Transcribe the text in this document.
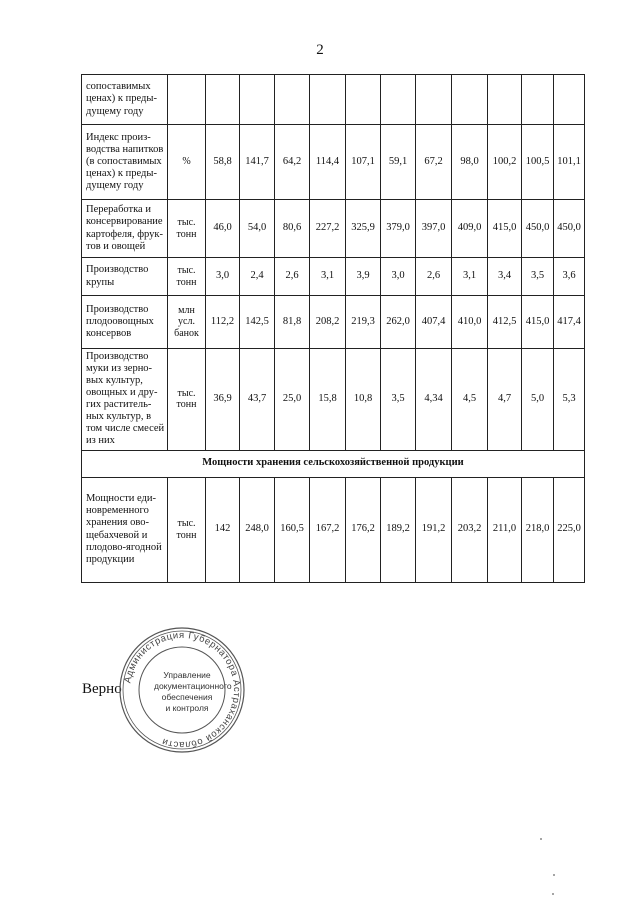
2
сопоставимых ценах) к преды-дущему году												
Индекс произ-водства напитков (в сопоставимых ценах) к преды-дущему году	%	58,8	141,7	64,2	114,4	107,1	59,1	67,2	98,0	100,2	100,5	101,1
Переработка и консервирование картофеля, фрук-тов и овощей	тыс. тонн	46,0	54,0	80,6	227,2	325,9	379,0	397,0	409,0	415,0	450,0	450,0
Производство крупы	тыс. тонн	3,0	2,4	2,6	3,1	3,9	3,0	2,6	3,1	3,4	3,5	3,6
Производство плодоовощных консервов	млн усл. банок	112,2	142,5	81,8	208,2	219,3	262,0	407,4	410,0	412,5	415,0	417,4
Производство муки из зерно-вых культур, овощных и дру-гих раститель-ных культур, в том числе смесей из них	тыс. тонн	36,9	43,7	25,0	15,8	10,8	3,5	4,34	4,5	4,7	5,0	5,3
Мощности хранения сельскохозяйственной продукции												
Мощности еди-новременного хранения ово-щебахчевой и плодово-ягодной продукции	тыс. тонн	142	248,0	160,5	167,2	176,2	189,2	191,2	203,2	211,0	218,0	225,0
Верно
Администрация Губернатора Астраханской области
Управление
документационного
обеспечения
и контроля
